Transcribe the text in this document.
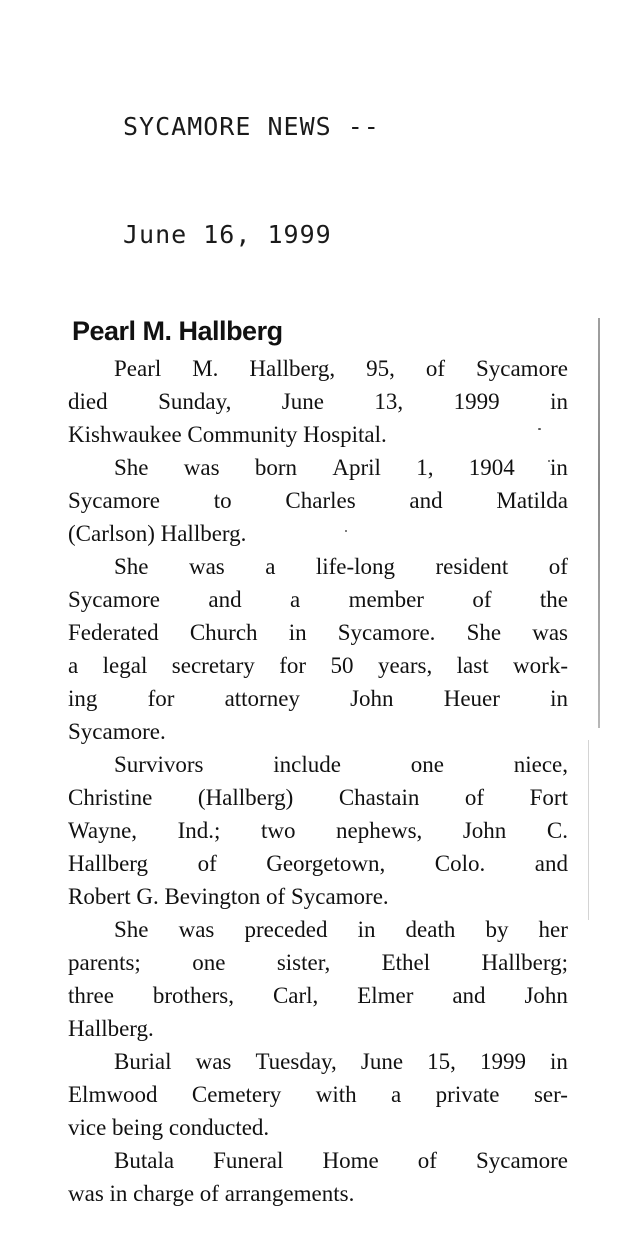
SYCAMORE NEWS --
June 16, 1999
Pearl M. Hallberg
Pearl M. Hallberg, 95, of Sycamore
died Sunday, June 13, 1999 in
Kishwaukee Community Hospital.
She was born April 1, 1904 in
Sycamore to Charles and Matilda
(Carlson) Hallberg.
She was a life-long resident of
Sycamore and a member of the
Federated Church in Sycamore. She was
a legal secretary for 50 years, last work-
ing for attorney John Heuer in
Sycamore.
Survivors	include	one	niece,
Christine (Hallberg) Chastain of Fort
Wayne, Ind.; two nephews, John C.
Hallberg of Georgetown, Colo. and
Robert G. Bevington of Sycamore.
She was preceded in death by her
parents; one sister, Ethel Hallberg;
three brothers, Carl, Elmer and John
Hallberg.
Burial was Tuesday, June 15, 1999 in
Elmwood Cemetery with a private ser-
vice being conducted.
Butala Funeral Home of Sycamore
was in charge of arrangements.
